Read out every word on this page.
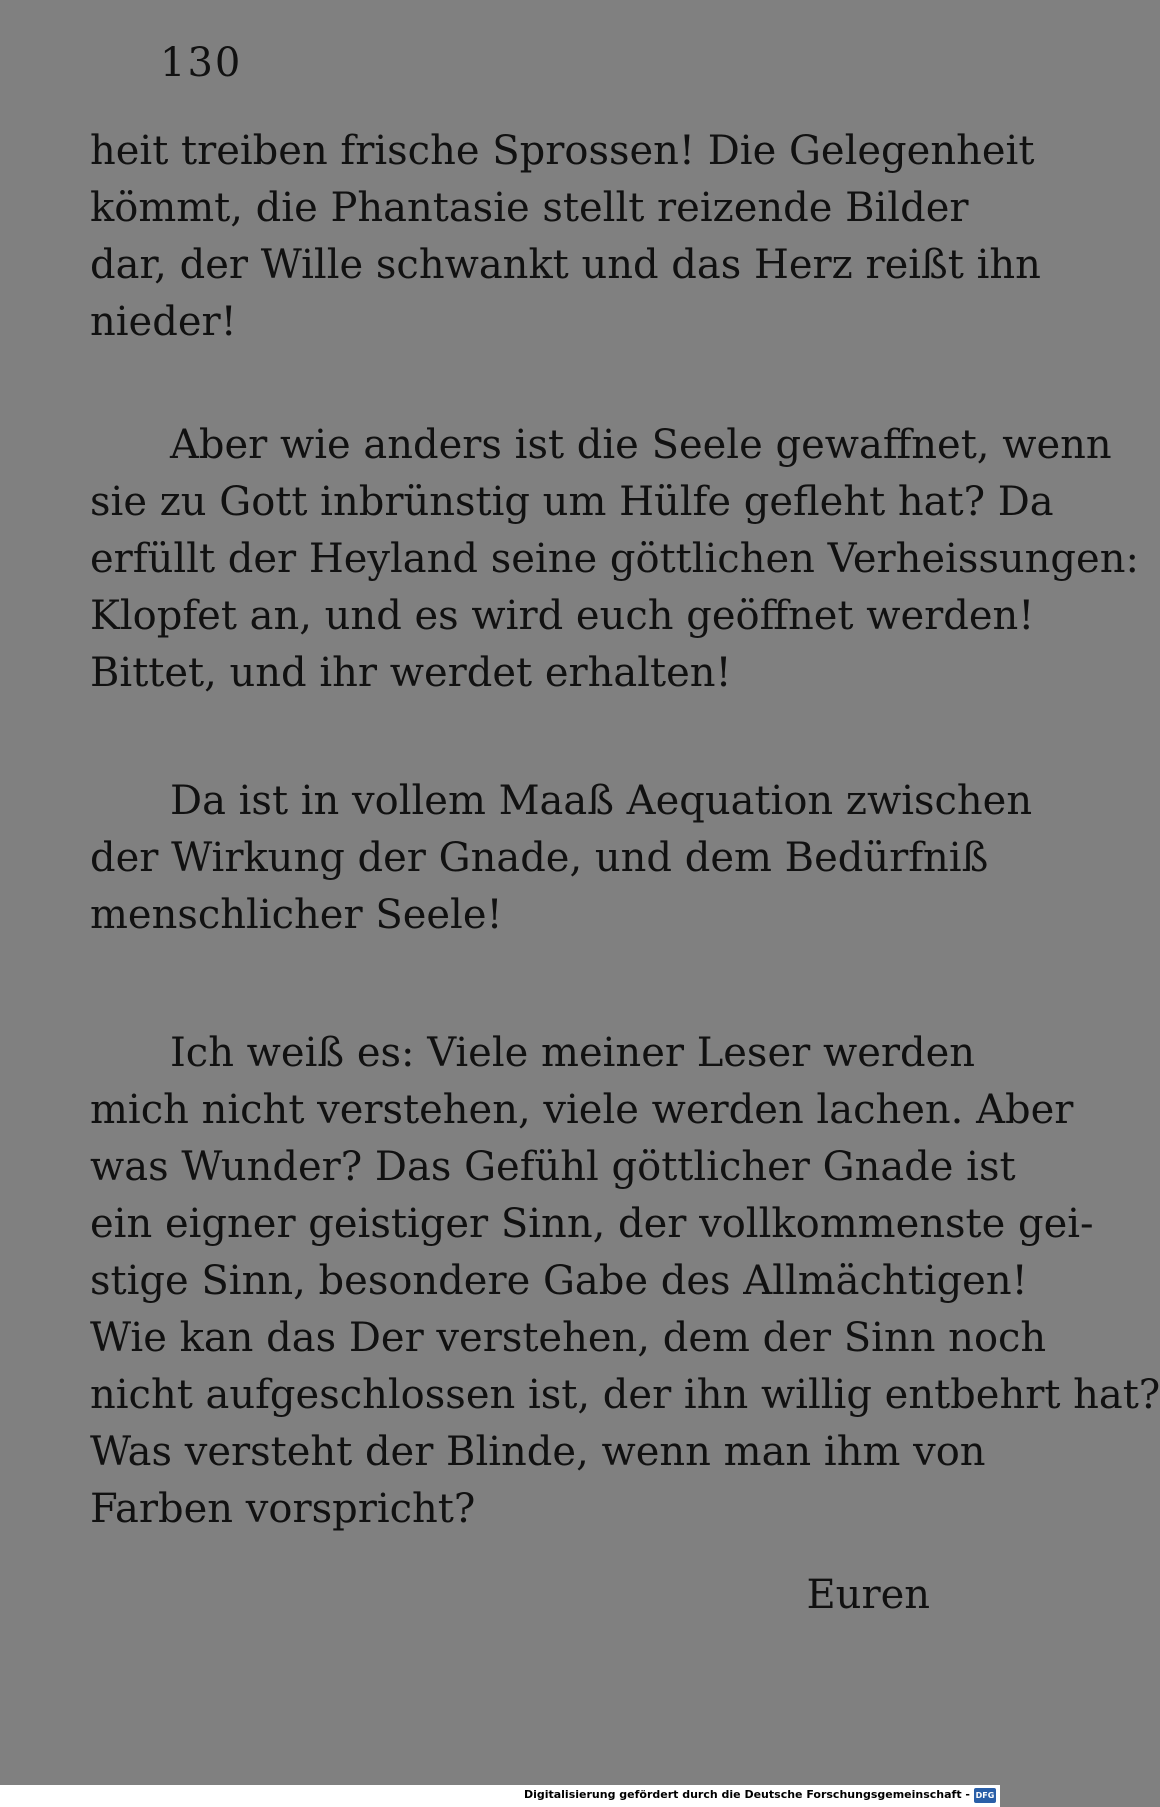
130
heit treiben frische Sprossen! Die Gelegenheit
kömmt, die Phantasie stellt reizende Bilder
dar, der Wille schwankt und das Herz reißt ihn
nieder!
Aber wie anders ist die Seele gewaffnet, wenn
sie zu Gott inbrünstig um Hülfe gefleht hat? Da
erfüllt der Heyland seine göttlichen Verheissungen:
Klopfet an, und es wird euch geöffnet werden!
Bittet, und ihr werdet erhalten!
Da ist in vollem Maaß Aequation zwischen
der Wirkung der Gnade, und dem Bedürfniß
menschlicher Seele!
Ich weiß es: Viele meiner Leser werden
mich nicht verstehen, viele werden lachen. Aber
was Wunder? Das Gefühl göttlicher Gnade ist
ein eigner geistiger Sinn, der vollkommenste gei-
stige Sinn, besondere Gabe des Allmächtigen!
Wie kan das Der verstehen, dem der Sinn noch
nicht aufgeschlossen ist, der ihn willig entbehrt hat?
Was versteht der Blinde, wenn man ihm von
Farben vorspricht?
Euren
Digitalisierung gefördert durch die Deutsche Forschungsgemeinschaft - DFG
